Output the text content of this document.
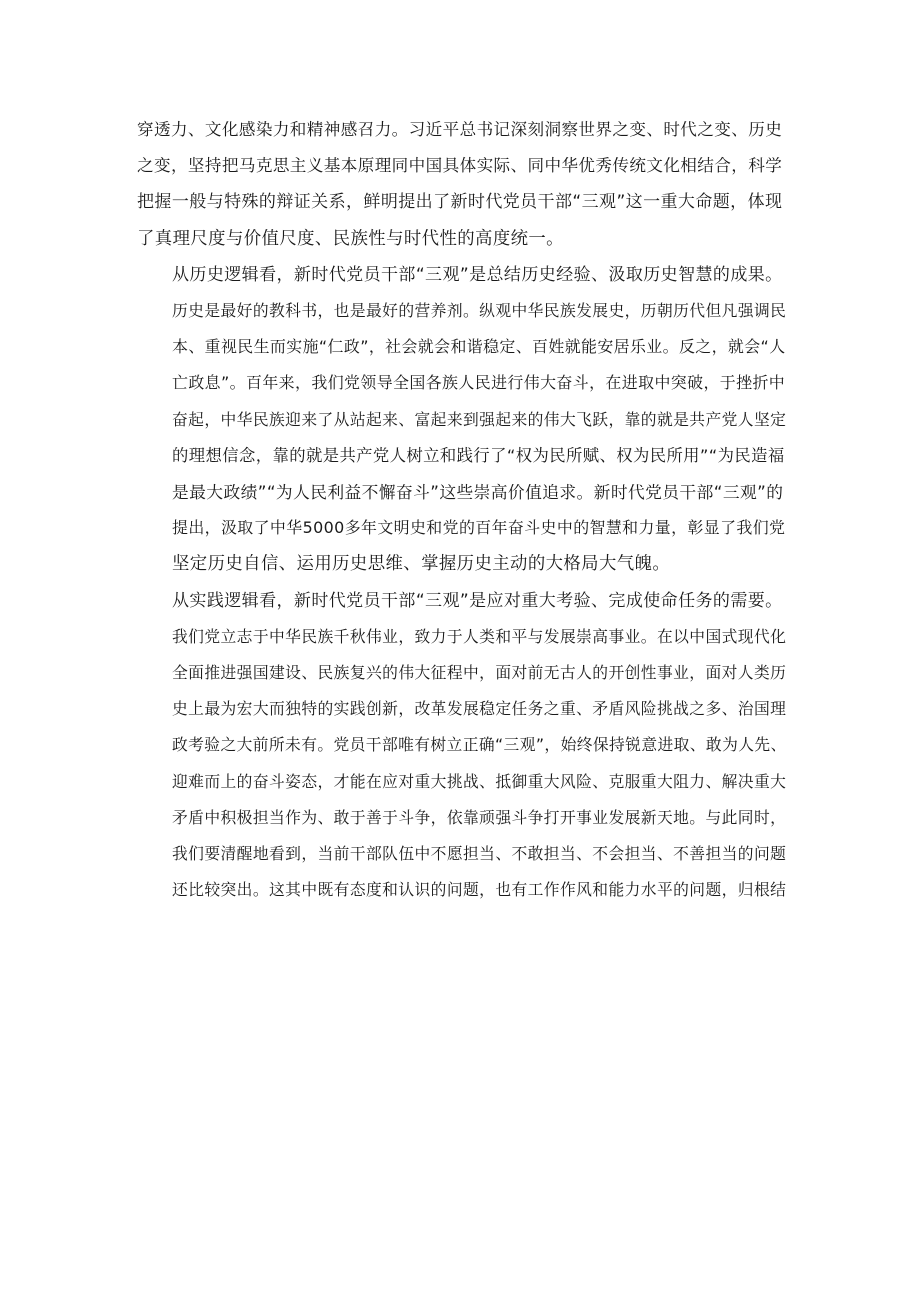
穿透力、文化感染力和精神感召力。习近平总书记深刻洞察世界之变、时代之变、历史
之变，坚持把马克思主义基本原理同中国具体实际、同中华优秀传统文化相结合，科学
把握一般与特殊的辩证关系，鲜明提出了新时代党员干部“三观”这一重大命题，体现
了真理尺度与价值尺度、民族性与时代性的高度统一。

从历史逻辑看，新时代党员干部“三观”是总结历史经验、汲取历史智慧的成果。
历史是最好的教科书，也是最好的营养剂。纵观中华民族发展史，历朝历代但凡强调民
本、重视民生而实施“仁政”，社会就会和谐稳定、百姓就能安居乐业。反之，就会“人
亡政息”。百年来，我们党领导全国各族人民进行伟大奋斗，在进取中突破，于挫折中
奋起，中华民族迎来了从站起来、富起来到强起来的伟大飞跃，靠的就是共产党人坚定
的理想信念，靠的就是共产党人树立和践行了“权为民所赋、权为民所用”“为民造福
是最大政绩”“为人民利益不懈奋斗”这些崇高价值追求。新时代党员干部“三观”的
提出，汲取了中华5000多年文明史和党的百年奋斗史中的智慧和力量，彰显了我们党
坚定历史自信、运用历史思维、掌握历史主动的大格局大气魄。

从实践逻辑看，新时代党员干部“三观”是应对重大考验、完成使命任务的需要。
我们党立志于中华民族千秋伟业，致力于人类和平与发展崇高事业。在以中国式现代化
全面推进强国建设、民族复兴的伟大征程中，面对前无古人的开创性事业，面对人类历
史上最为宏大而独特的实践创新，改革发展稳定任务之重、矛盾风险挑战之多、治国理
政考验之大前所未有。党员干部唯有树立正确“三观”，始终保持锐意进取、敢为人先、
迎难而上的奋斗姿态，才能在应对重大挑战、抵御重大风险、克服重大阻力、解决重大
矛盾中积极担当作为、敢于善于斗争，依靠顽强斗争打开事业发展新天地。与此同时，
我们要清醒地看到，当前干部队伍中不愿担当、不敢担当、不会担当、不善担当的问题
还比较突出。这其中既有态度和认识的问题，也有工作作风和能力水平的问题，归根结
